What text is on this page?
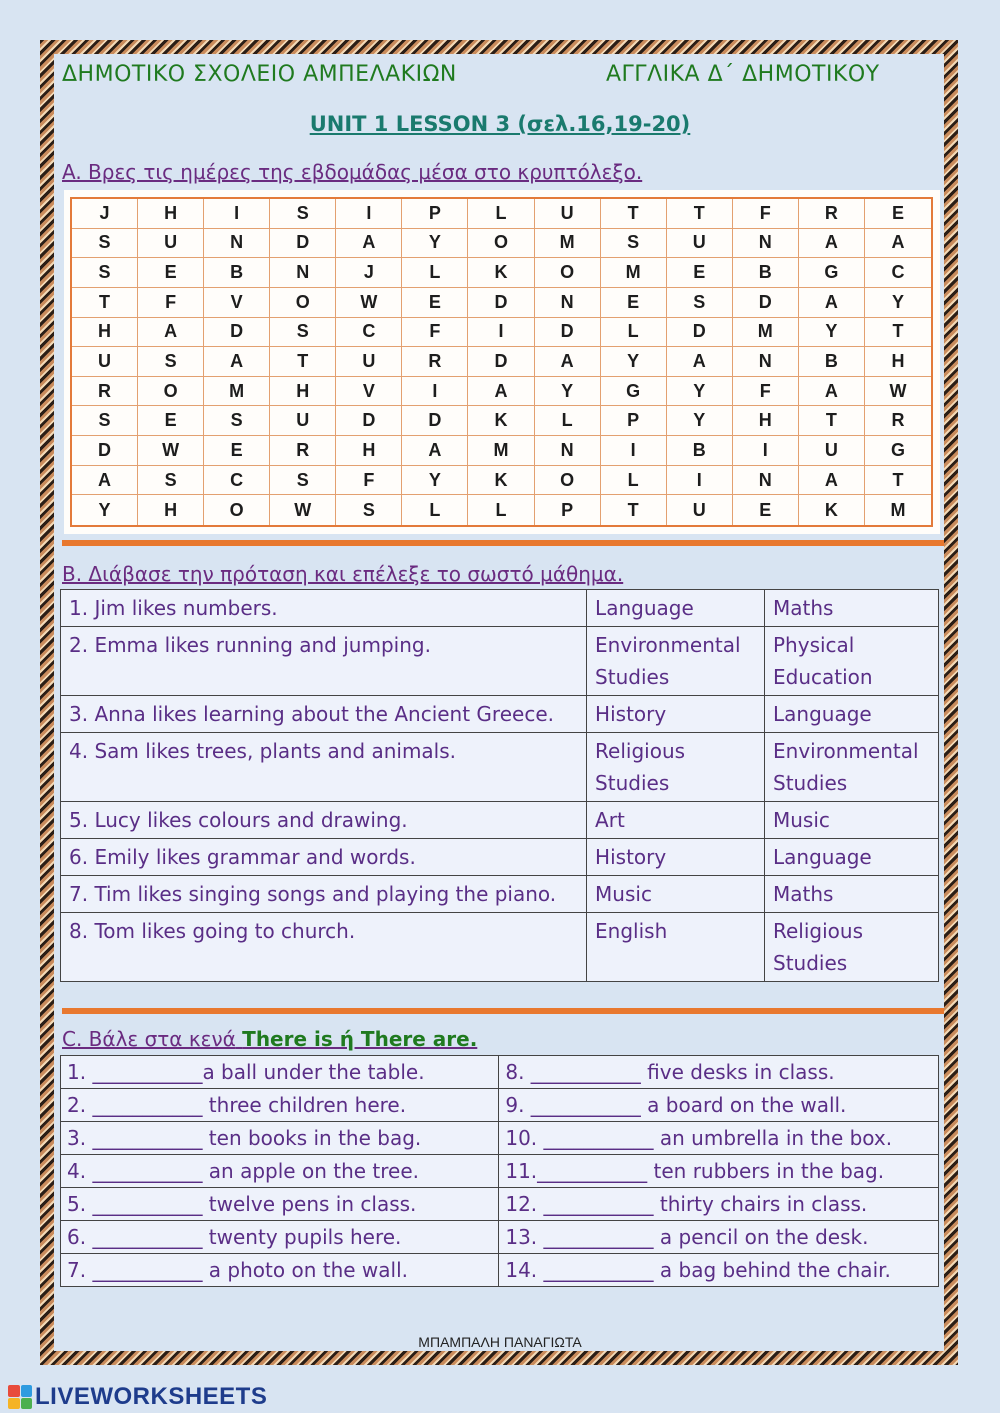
ΔΗΜΟΤΙΚΟ ΣΧΟΛΕΙΟ ΑΜΠΕΛΑΚΙΩΝ	ΑΓΓΛΙΚΑ Δ΄ ΔΗΜΟΤΙΚΟΥ
UNIT 1 LESSON 3 (σελ.16,19-20)
A. Βρες τις ημέρες της εβδομάδας μέσα στο κρυπτόλεξο.
J	H	I	S	I	P	L	U	T	T	F	R	E
S	U	N	D	A	Y	O	M	S	U	N	A	A
S	E	B	N	J	L	K	O	M	E	B	G	C
T	F	V	O	W	E	D	N	E	S	D	A	Y
H	A	D	S	C	F	I	D	L	D	M	Y	T
U	S	A	T	U	R	D	A	Y	A	N	B	H
R	O	M	H	V	I	A	Y	G	Y	F	A	W
S	E	S	U	D	D	K	L	P	Y	H	T	R
D	W	E	R	H	A	M	N	I	B	I	U	G
A	S	C	S	F	Y	K	O	L	I	N	A	T
Y	H	O	W	S	L	L	P	T	U	E	K	M
B. Διάβασε την πρόταση και επέλεξε το σωστό μάθημα.
1. Jim likes numbers.	Language	Maths
2. Emma likes running and jumping.	Environmental Studies	Physical Education
3. Anna likes learning about the Ancient Greece.	History	Language
4. Sam likes trees, plants and animals.	Religious Studies	Environmental Studies
5. Lucy likes colours and drawing.	Art	Music
6. Emily likes grammar and words.	History	Language
7. Tim likes singing songs and playing the piano.	Music	Maths
8. Tom likes going to church.	English	Religious Studies
C. Βάλε στα κενά There is ή There are.
1. ___________a ball under the table.	8. ___________ five desks in class.
2. ___________ three children here.	9. ___________ a board on the wall.
3. ___________ ten books in the bag.	10. ___________ an umbrella in the box.
4. ___________ an apple on the tree.	11.___________ ten rubbers in the bag.
5. ___________ twelve pens in class.	12. ___________ thirty chairs in class.
6. ___________ twenty pupils here.	13. ___________ a pencil on the desk.
7. ___________ a photo on the wall.	14. ___________ a bag behind the chair.
ΜΠΑΜΠΑΛΗ ΠΑΝΑΓΙΩΤΑ
LIVEWORKSHEETS
